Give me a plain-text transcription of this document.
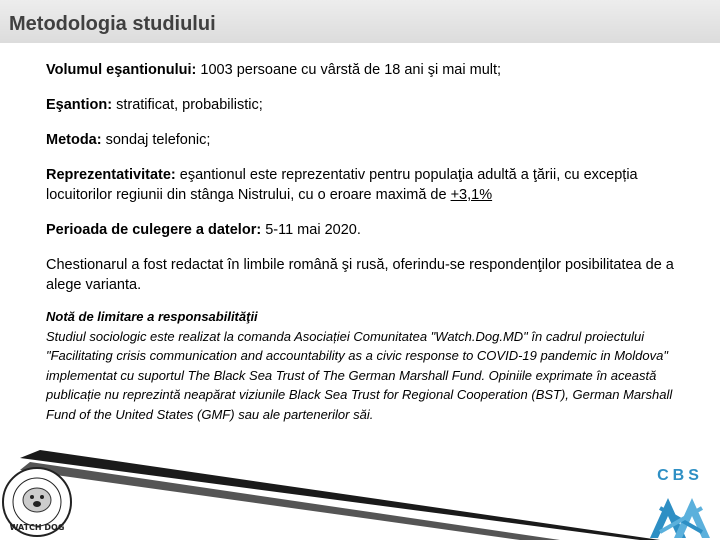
Metodologia studiului
Volumul eşantionului: 1003 persoane cu vârstă de 18 ani şi mai mult;
Eşantion: stratificat, probabilistic;
Metoda: sondaj telefonic;
Reprezentativitate: eşantionul este reprezentativ pentru populaţia adultă a ţării, cu excepția locuitorilor regiunii din stânga Nistrului, cu o eroare maximă de +3,1%
Perioada de culegere a datelor: 5-11 mai 2020.
Chestionarul a fost redactat în limbile română şi rusă, oferindu-se respondenţilor posibilitatea de a alege varianta.
Notă de limitare a responsabilităţii
Studiul sociologic este realizat la comanda Asociației Comunitatea "Watch.Dog.MD" în cadrul proiectului "Facilitating crisis communication and accountability as a civic response to COVID-19 pandemic in Moldova" implementat cu suportul The Black Sea Trust of The German Marshall Fund. Opiniile exprimate în această publicație nu reprezintă neapărat viziunile Black Sea Trust for Regional Cooperation (BST), German Marshall Fund of the United States (GMF) sau ale partenerilor săi.
WATCH DOG
CBS
